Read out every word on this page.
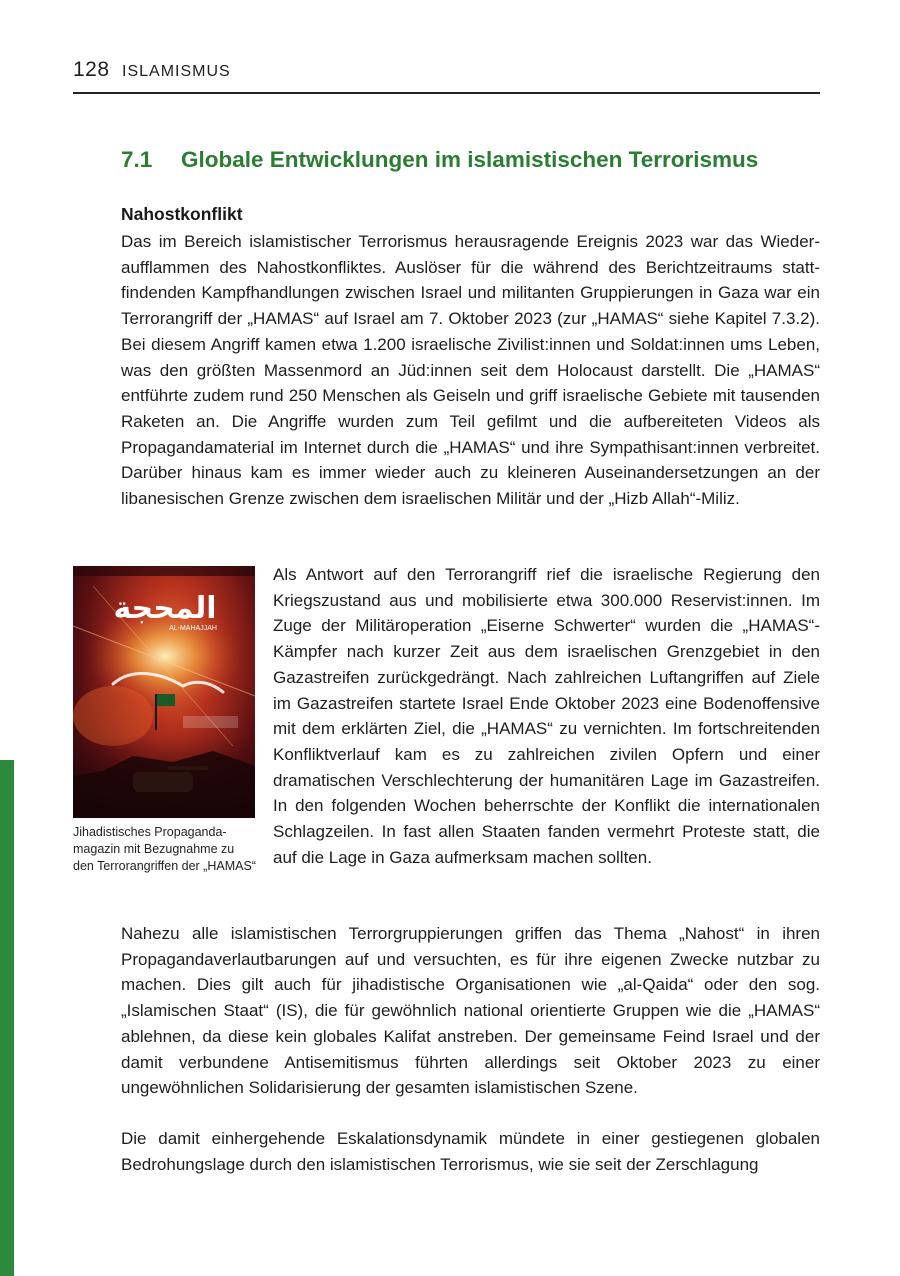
128 ISLAMISMUS
7.1 Globale Entwicklungen im islamistischen Terrorismus
Nahostkonflikt

Das im Bereich islamistischer Terrorismus herausragende Ereignis 2023 war das Wiederaufflammen des Nahostkonfliktes. Auslöser für die während des Berichtzeitraums stattfindenden Kampfhandlungen zwischen Israel und militanten Gruppierungen in Gaza war ein Terrorangriff der „HAMAS“ auf Israel am 7. Oktober 2023 (zur „HAMAS“ siehe Kapitel 7.3.2). Bei diesem Angriff kamen etwa 1.200 israelische Zivilist:innen und Soldat:innen ums Leben, was den größten Massenmord an Jüd:innen seit dem Holocaust darstellt. Die „HAMAS“ entführte zudem rund 250 Menschen als Geiseln und griff israelische Gebiete mit tausenden Raketen an. Die Angriffe wurden zum Teil gefilmt und die aufbereiteten Videos als Propagandamaterial im Internet durch die „HAMAS“ und ihre Sympathisant:innen verbreitet. Darüber hinaus kam es immer wieder auch zu kleineren Auseinandersetzungen an der libanesischen Grenze zwischen dem israelischen Militär und der „Hizb Allah“-Miliz.

المحجة
AL-MAHAJJAH

Jihadistisches Propagandamagazin mit Bezugnahme zu den Terrorangriffen der „HAMAS“

Als Antwort auf den Terrorangriff rief die israelische Regierung den Kriegszustand aus und mobilisierte etwa 300.000 Reservist:innen. Im Zuge der Militäroperation „Eiserne Schwerter“ wurden die „HAMAS“-Kämpfer nach kurzer Zeit aus dem israelischen Grenzgebiet in den Gazastreifen zurückgedrängt. Nach zahlreichen Luftangriffen auf Ziele im Gazastreifen startete Israel Ende Oktober 2023 eine Bodenoffensive mit dem erklärten Ziel, die „HAMAS“ zu vernichten. Im fortschreitenden Konfliktverlauf kam es zu zahlreichen zivilen Opfern und einer dramatischen Verschlechterung der humanitären Lage im Gazastreifen. In den folgenden Wochen beherrschte der Konflikt die internationalen Schlagzeilen. In fast allen Staaten fanden vermehrt Proteste statt, die auf die Lage in Gaza aufmerksam machen sollten.

Nahezu alle islamistischen Terrorgruppierungen griffen das Thema „Nahost“ in ihren Propagandaverlautbarungen auf und versuchten, es für ihre eigenen Zwecke nutzbar zu machen. Dies gilt auch für jihadistische Organisationen wie „al-Qaida“ oder den sog. „Islamischen Staat“ (IS), die für gewöhnlich national orientierte Gruppen wie die „HAMAS“ ablehnen, da diese kein globales Kalifat anstreben. Der gemeinsame Feind Israel und der damit verbundene Antisemitismus führten allerdings seit Oktober 2023 zu einer ungewöhnlichen Solidarisierung der gesamten islamistischen Szene.

Die damit einhergehende Eskalationsdynamik mündete in einer gestiegenen globalen Bedrohungslage durch den islamistischen Terrorismus, wie sie seit der Zerschlagung
